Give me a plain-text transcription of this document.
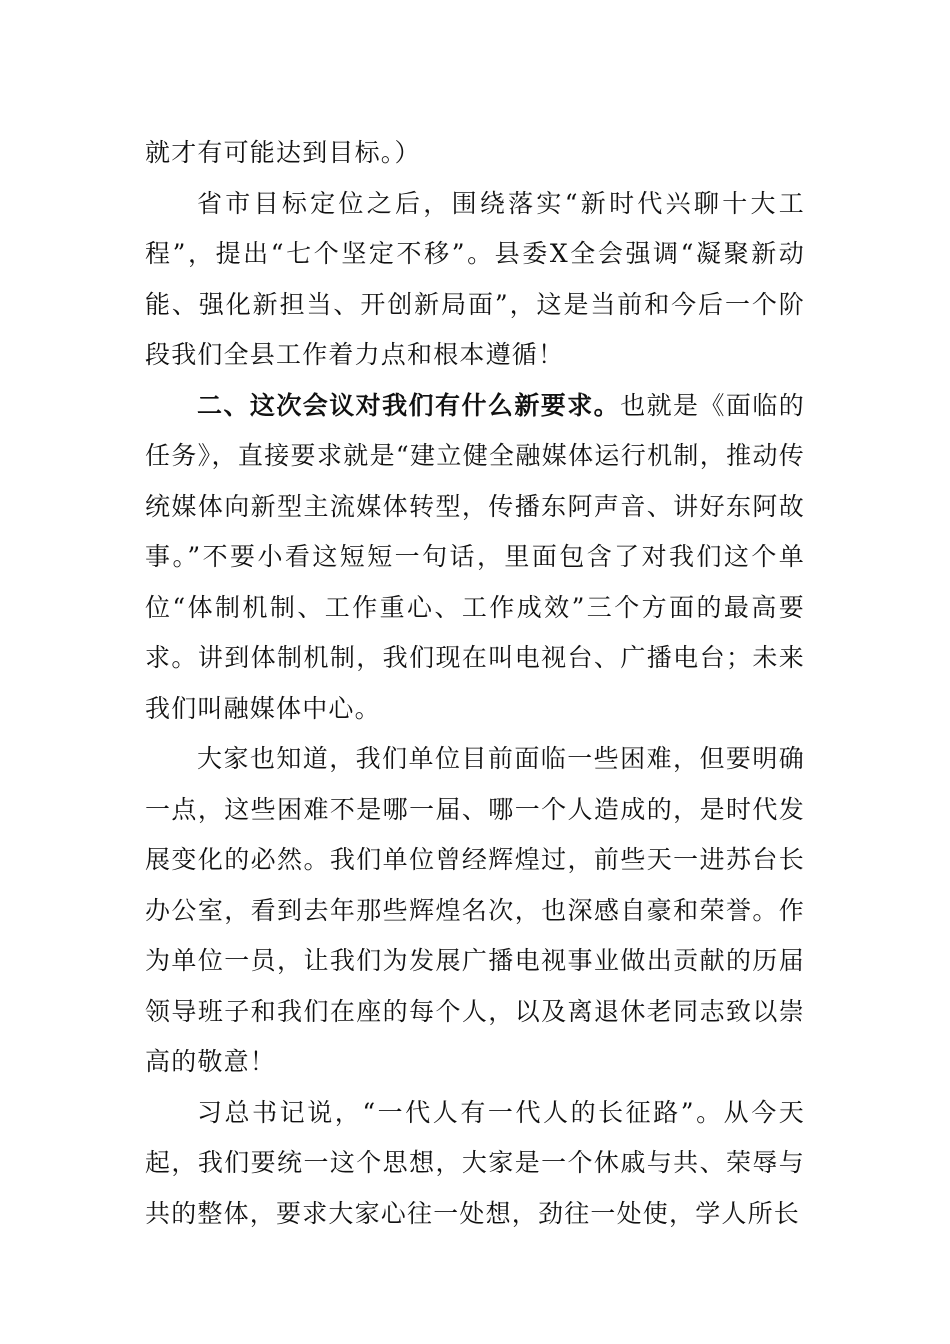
就才有可能达到目标。）

省市目标定位之后，围绕落实“新时代兴聊十大工程”，提出“七个坚定不移”。县委X全会强调“凝聚新动能、强化新担当、开创新局面”，这是当前和今后一个阶段我们全县工作着力点和根本遵循！

二、这次会议对我们有什么新要求。也就是《面临的任务》，直接要求就是“建立健全融媒体运行机制，推动传统媒体向新型主流媒体转型，传播东阿声音、讲好东阿故事。”不要小看这短短一句话，里面包含了对我们这个单位“体制机制、工作重心、工作成效”三个方面的最高要求。讲到体制机制，我们现在叫电视台、广播电台；未来我们叫融媒体中心。

大家也知道，我们单位目前面临一些困难，但要明确一点，这些困难不是哪一届、哪一个人造成的，是时代发展变化的必然。我们单位曾经辉煌过，前些天一进苏台长办公室，看到去年那些辉煌名次，也深感自豪和荣誉。作为单位一员，让我们为发展广播电视事业做出贡献的历届领导班子和我们在座的每个人，以及离退休老同志致以崇高的敬意！

习总书记说，“一代人有一代人的长征路”。从今天起，我们要统一这个思想，大家是一个休戚与共、荣辱与共的整体，要求大家心往一处想，劲往一处使，学人所长
